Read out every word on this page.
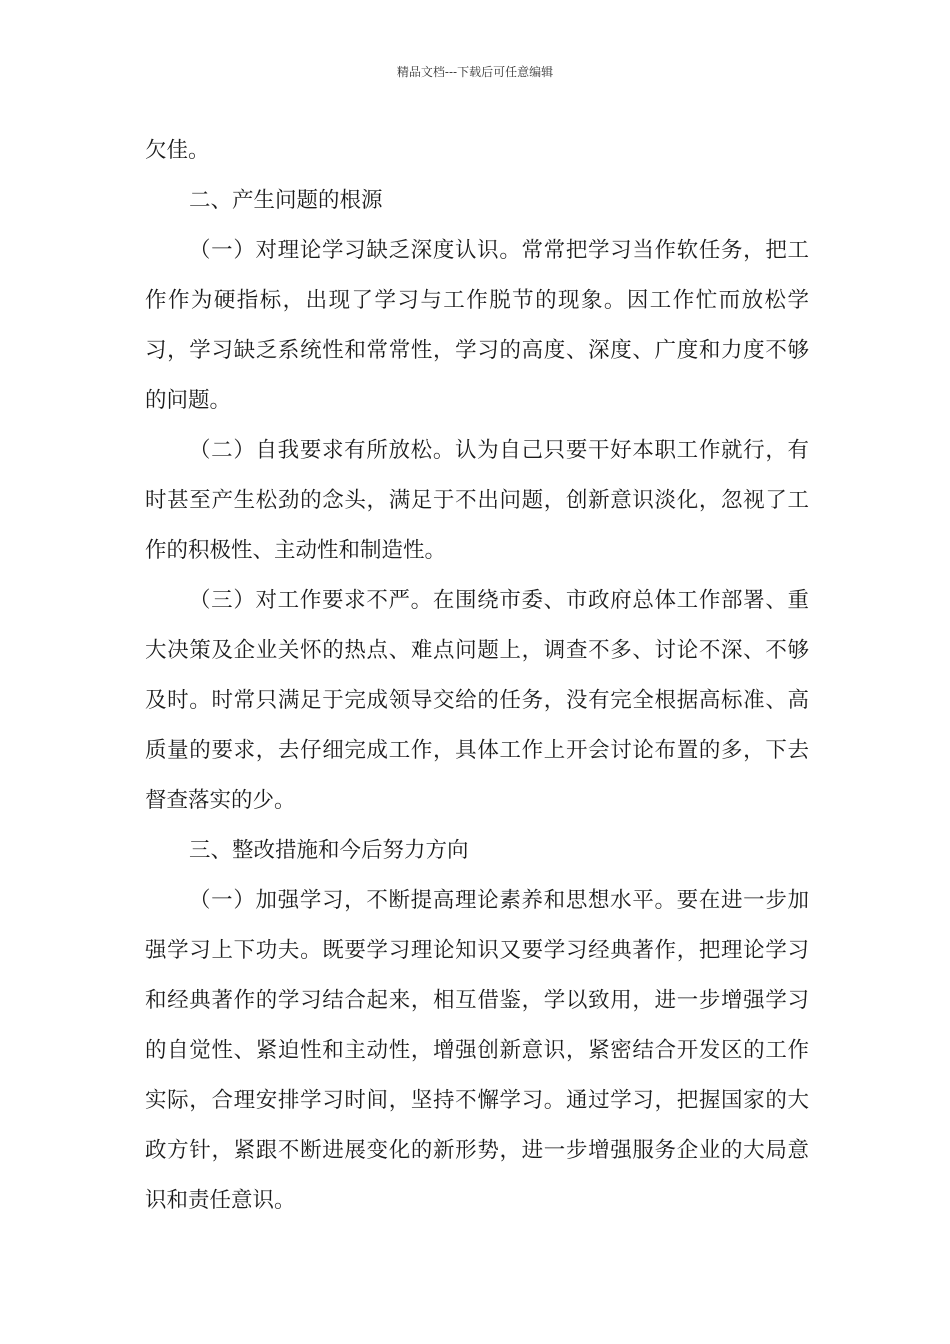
精品文档---下载后可任意编辑

欠佳。

二、产生问题的根源

（一）对理论学习缺乏深度认识。常常把学习当作软任务，把工作作为硬指标，出现了学习与工作脱节的现象。因工作忙而放松学习，学习缺乏系统性和常常性，学习的高度、深度、广度和力度不够的问题。

（二）自我要求有所放松。认为自己只要干好本职工作就行，有时甚至产生松劲的念头，满足于不出问题，创新意识淡化，忽视了工作的积极性、主动性和制造性。

（三）对工作要求不严。在围绕市委、市政府总体工作部署、重大决策及企业关怀的热点、难点问题上，调查不多、讨论不深、不够及时。时常只满足于完成领导交给的任务，没有完全根据高标准、高质量的要求，去仔细完成工作，具体工作上开会讨论布置的多，下去督查落实的少。

三、整改措施和今后努力方向

（一）加强学习，不断提高理论素养和思想水平。要在进一步加强学习上下功夫。既要学习理论知识又要学习经典著作，把理论学习和经典著作的学习结合起来，相互借鉴，学以致用，进一步增强学习的自觉性、紧迫性和主动性，增强创新意识，紧密结合开发区的工作实际，合理安排学习时间，坚持不懈学习。通过学习，把握国家的大政方针，紧跟不断进展变化的新形势，进一步增强服务企业的大局意识和责任意识。
